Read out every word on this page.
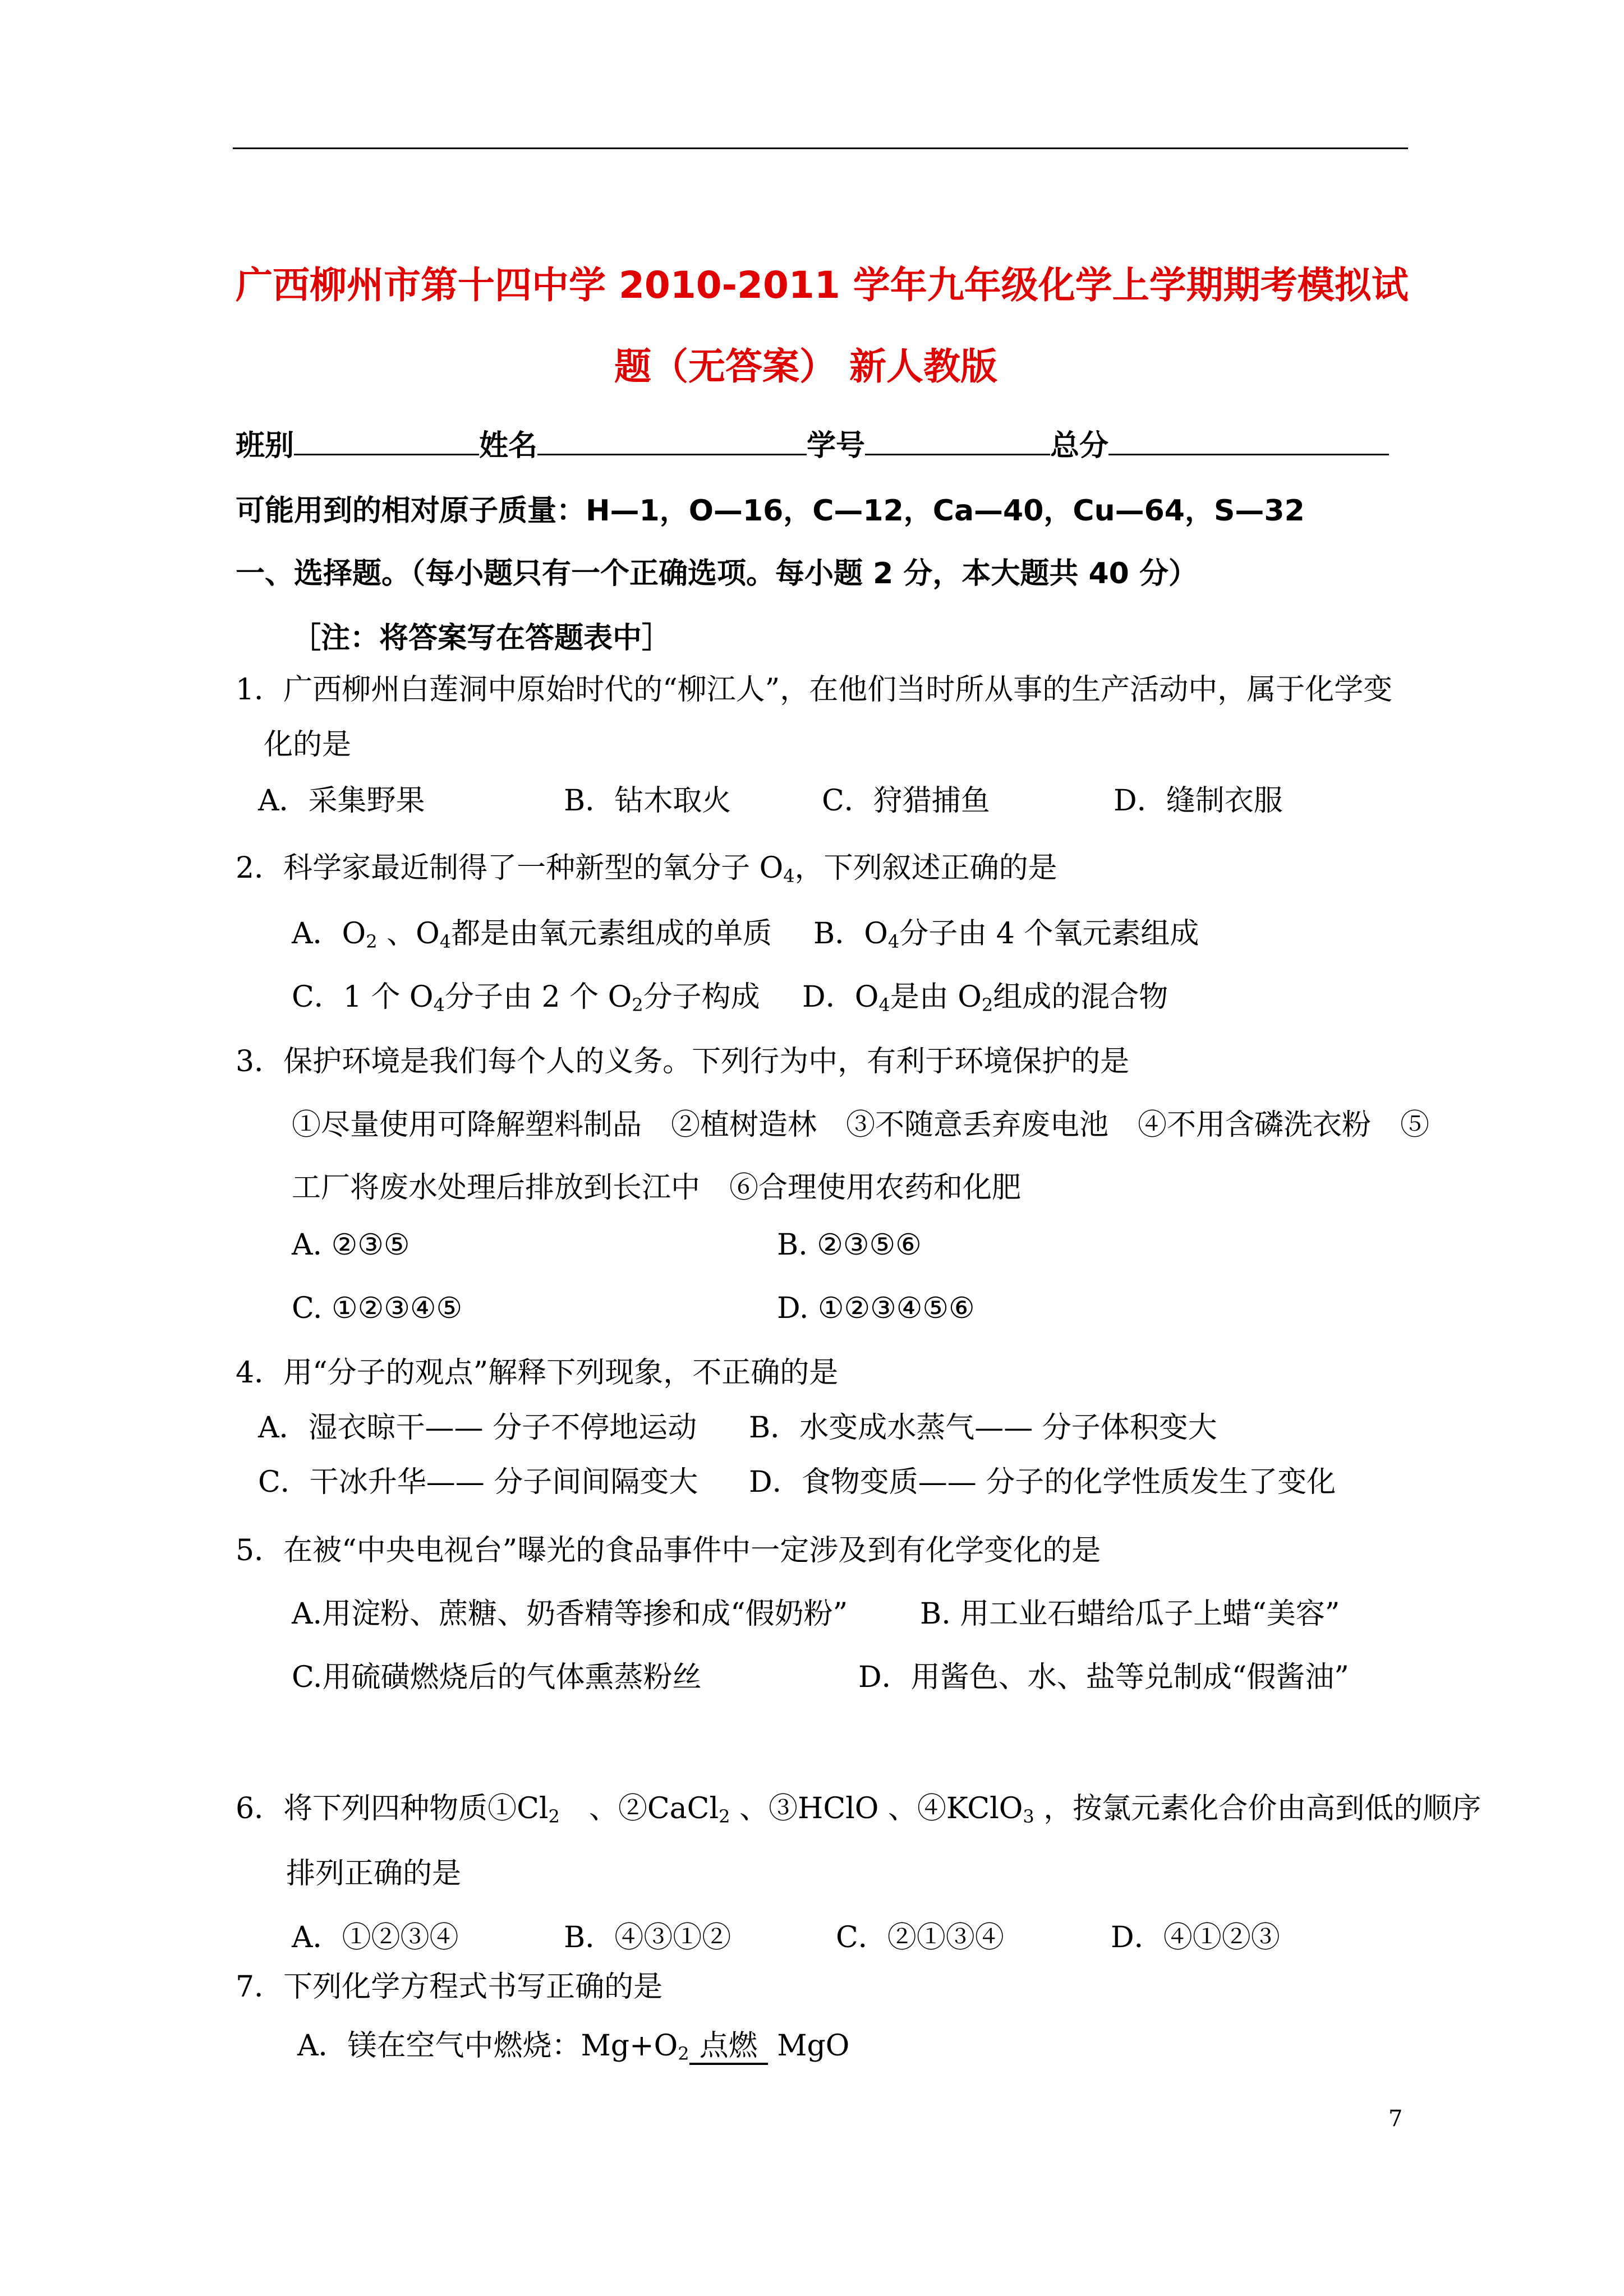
广西柳州市第十四中学 2010-2011 学年九年级化学上学期期考模拟试
题（无答案） 新人教版
班别	姓名	学号	总分
可能用到的相对原子质量：H—1，O—16，C—12，Ca—40，Cu—64，S—32
一、选择题。（每小题只有一个正确选项。每小题 2 分，本大题共 40 分）
［注：将答案写在答题表中］
1．广西柳州白莲洞中原始时代的“柳江人”，在他们当时所从事的生产活动中，属于化学变
化的是
A．采集野果	B．钻木取火	C．狩猎捕鱼	D．缝制衣服
2．科学家最近制得了一种新型的氧分子 $O_4$，下列叙述正确的是
A．$O_2$ 、$O_4$都是由氧元素组成的单质 B．$O_4$分子由 4 个氧元素组成
C．1 个 $O_4$分子由 2 个 $O_2$分子构成 D．$O_4$是由 $O_2$组成的混合物
3．保护环境是我们每个人的义务。下列行为中，有利于环境保护的是
①尽量使用可降解塑料制品　②植树造林　③不随意丢弃废电池　④不用含磷洗衣粉　⑤
工厂将废水处理后排放到长江中　⑥合理使用农药和化肥
A. ②③⑤	B. ②③⑤⑥
C. ①②③④⑤	D. ①②③④⑤⑥
4．用“分子的观点”解释下列现象，不正确的是
A．湿衣晾干—— 分子不停地运动 B．水变成水蒸气—— 分子体积变大
C．干冰升华—— 分子间间隔变大 D．食物变质—— 分子的化学性质发生了变化
5．在被“中央电视台”曝光的食品事件中一定涉及到有化学变化的是
A.用淀粉、蔗糖、奶香精等掺和成“假奶粉” B. 用工业石蜡给瓜子上蜡“美容”
C.用硫磺燃烧后的气体熏蒸粉丝	D．用酱色、水、盐等兑制成“假酱油”
6．将下列四种物质$①Cl_2$　、②CaCl$_2$ 、③HClO 、④KClO$_3$ ，按氯元素化合价由高到低的顺序
排列正确的是
A．①②③④	B．④③①②	C．②①③④	D．④①②③
7．下列化学方程式书写正确的是
A．镁在空气中燃烧：$Mg+O_2$ 点燃 MgO
7
